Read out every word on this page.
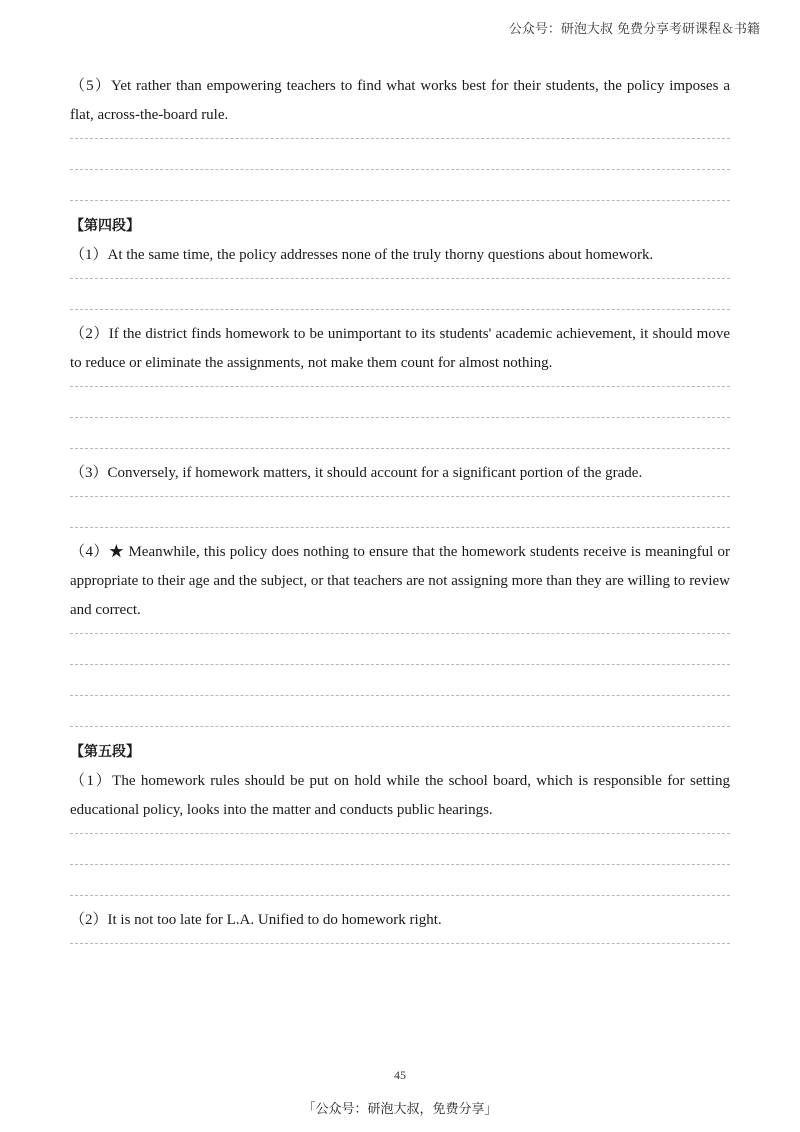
公众号：研泡大叔 免费分享考研课程＆书籍

（5）Yet rather than empowering teachers to find what works best for their students, the policy imposes a flat, across-the-board rule.

【第四段】

（1）At the same time, the policy addresses none of the truly thorny questions about homework.

（2）If the district finds homework to be unimportant to its students' academic achievement, it should move to reduce or eliminate the assignments, not make them count for almost nothing.

（3）Conversely, if homework matters, it should account for a significant portion of the grade.

（4）★ Meanwhile, this policy does nothing to ensure that the homework students receive is meaningful or appropriate to their age and the subject, or that teachers are not assigning more than they are willing to review and correct.

【第五段】

（1）The homework rules should be put on hold while the school board, which is responsible for setting educational policy, looks into the matter and conducts public hearings.

（2）It is not too late for L.A. Unified to do homework right.

45
「公众号：研泡大叔，免费分享」
